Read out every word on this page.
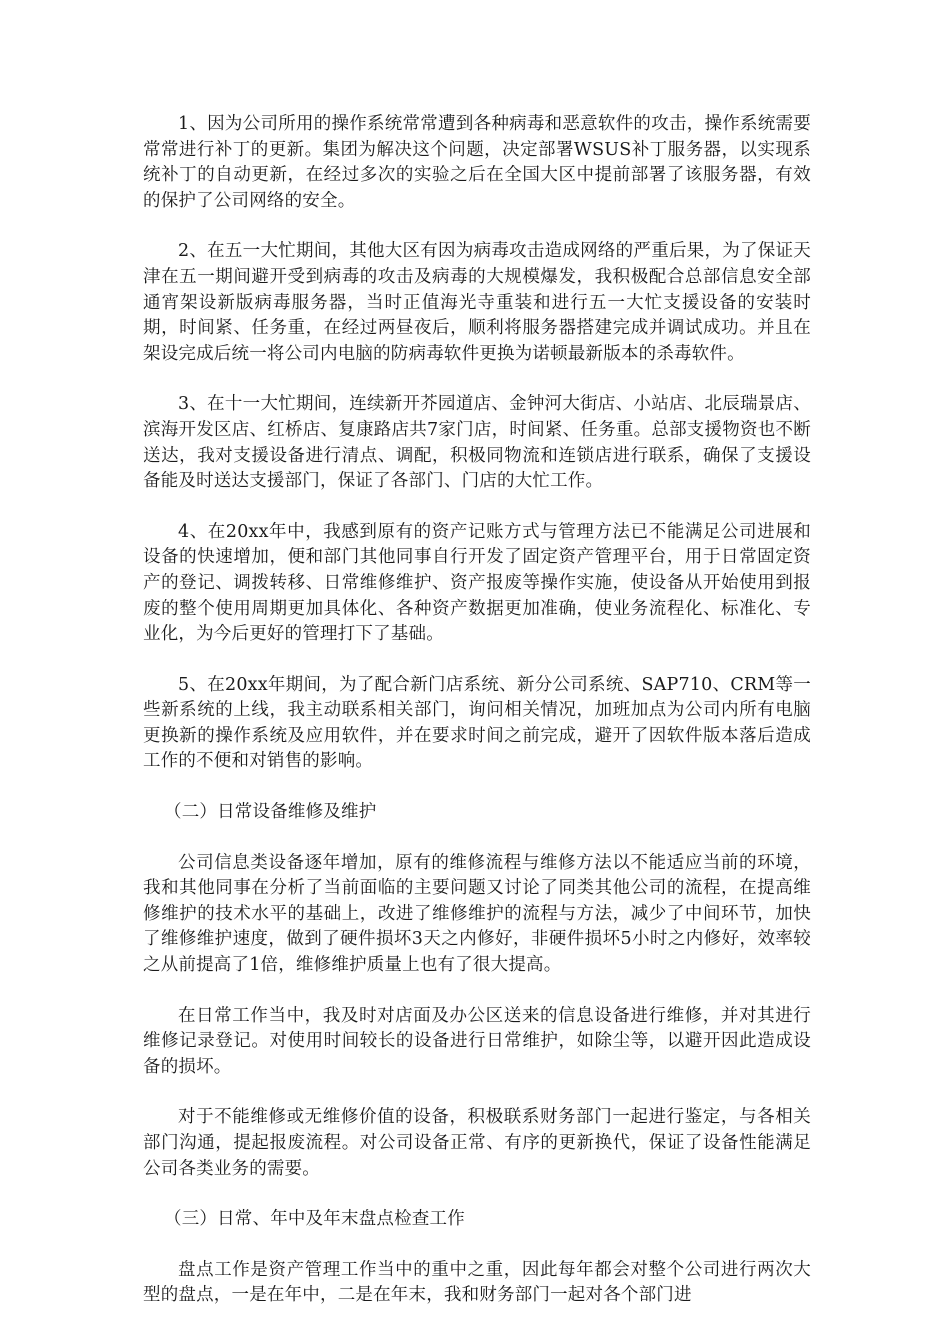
1、因为公司所用的操作系统常常遭到各种病毒和恶意软件的攻击，操作系统需要常常进行补丁的更新。集团为解决这个问题，决定部署WSUS补丁服务器，以实现系统补丁的自动更新，在经过多次的实验之后在全国大区中提前部署了该服务器，有效的保护了公司网络的安全。

2、在五一大忙期间，其他大区有因为病毒攻击造成网络的严重后果，为了保证天津在五一期间避开受到病毒的攻击及病毒的大规模爆发，我积极配合总部信息安全部通宵架设新版病毒服务器，当时正值海光寺重装和进行五一大忙支援设备的安装时期，时间紧、任务重，在经过两昼夜后，顺利将服务器搭建完成并调试成功。并且在架设完成后统一将公司内电脑的防病毒软件更换为诺顿最新版本的杀毒软件。

3、在十一大忙期间，连续新开芥园道店、金钟河大街店、小站店、北辰瑞景店、滨海开发区店、红桥店、复康路店共7家门店，时间紧、任务重。总部支援物资也不断送达，我对支援设备进行清点、调配，积极同物流和连锁店进行联系，确保了支援设备能及时送达支援部门，保证了各部门、门店的大忙工作。

4、在20xx年中，我感到原有的资产记账方式与管理方法已不能满足公司进展和设备的快速增加，便和部门其他同事自行开发了固定资产管理平台，用于日常固定资产的登记、调拨转移、日常维修维护、资产报废等操作实施，使设备从开始使用到报废的整个使用周期更加具体化、各种资产数据更加准确，使业务流程化、标准化、专业化，为今后更好的管理打下了基础。

5、在20xx年期间，为了配合新门店系统、新分公司系统、SAP710、CRM等一些新系统的上线，我主动联系相关部门，询问相关情况，加班加点为公司内所有电脑更换新的操作系统及应用软件，并在要求时间之前完成，避开了因软件版本落后造成工作的不便和对销售的影响。

（二）日常设备维修及维护

公司信息类设备逐年增加，原有的维修流程与维修方法以不能适应当前的环境，我和其他同事在分析了当前面临的主要问题又讨论了同类其他公司的流程，在提高维修维护的技术水平的基础上，改进了维修维护的流程与方法，减少了中间环节，加快了维修维护速度，做到了硬件损坏3天之内修好，非硬件损坏5小时之内修好，效率较之从前提高了1倍，维修维护质量上也有了很大提高。

在日常工作当中，我及时对店面及办公区送来的信息设备进行维修，并对其进行维修记录登记。对使用时间较长的设备进行日常维护，如除尘等，以避开因此造成设备的损坏。

对于不能维修或无维修价值的设备，积极联系财务部门一起进行鉴定，与各相关部门沟通，提起报废流程。对公司设备正常、有序的更新换代，保证了设备性能满足公司各类业务的需要。

（三）日常、年中及年末盘点检查工作

盘点工作是资产管理工作当中的重中之重，因此每年都会对整个公司进行两次大型的盘点，一是在年中，二是在年末，我和财务部门一起对各个部门进
